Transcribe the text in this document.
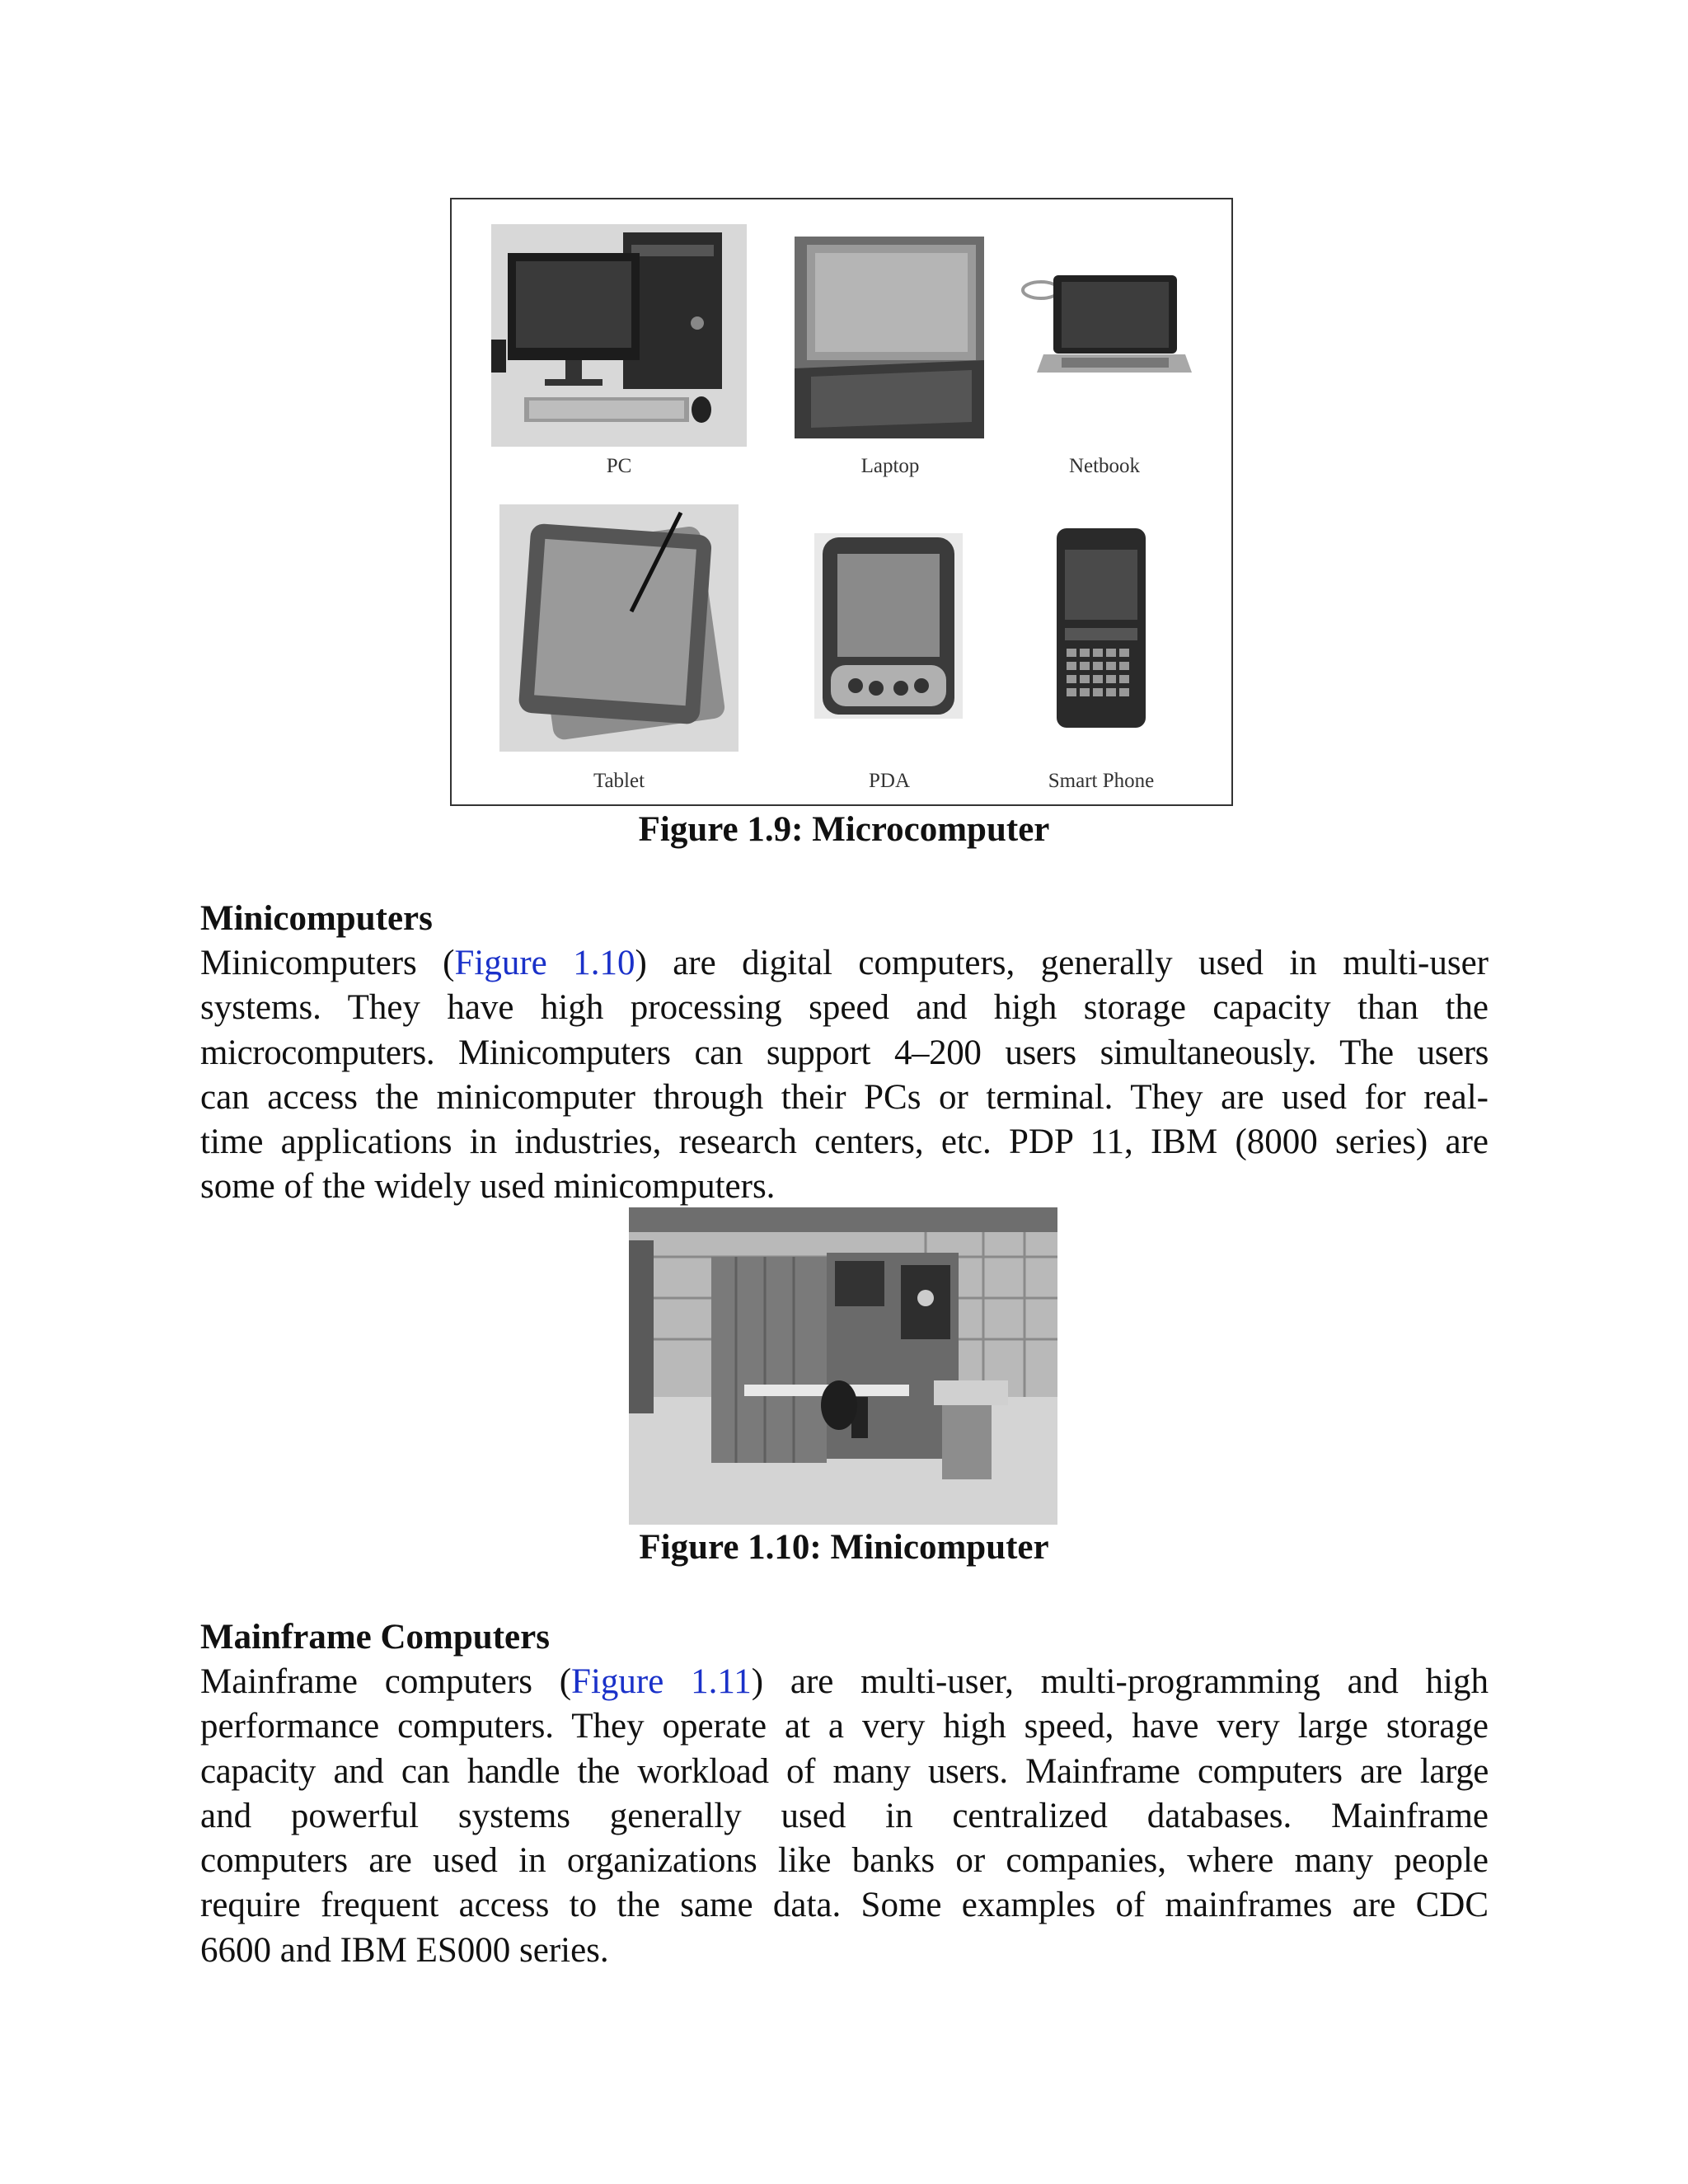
PC	Laptop	Netbook
Tablet	PDA	Smart Phone
Figure 1.9: Microcomputer
Minicomputers
Minicomputers (Figure 1.10) are digital computers, generally used in multi-user
systems. They have high processing speed and high storage capacity than the
microcomputers. Minicomputers can support 4–200 users simultaneously. The users
can access the minicomputer through their PCs or terminal. They are used for real-
time applications in industries, research centers, etc. PDP 11, IBM (8000 series) are
some of the widely used minicomputers.
Figure 1.10: Minicomputer
Mainframe Computers
Mainframe computers (Figure 1.11) are multi-user, multi-programming and high
performance computers. They operate at a very high speed, have very large storage
capacity and can handle the workload of many users. Mainframe computers are large
and powerful systems generally used in centralized databases. Mainframe
computers are used in organizations like banks or companies, where many people
require frequent access to the same data. Some examples of mainframes are CDC
6600 and IBM ES000 series.
